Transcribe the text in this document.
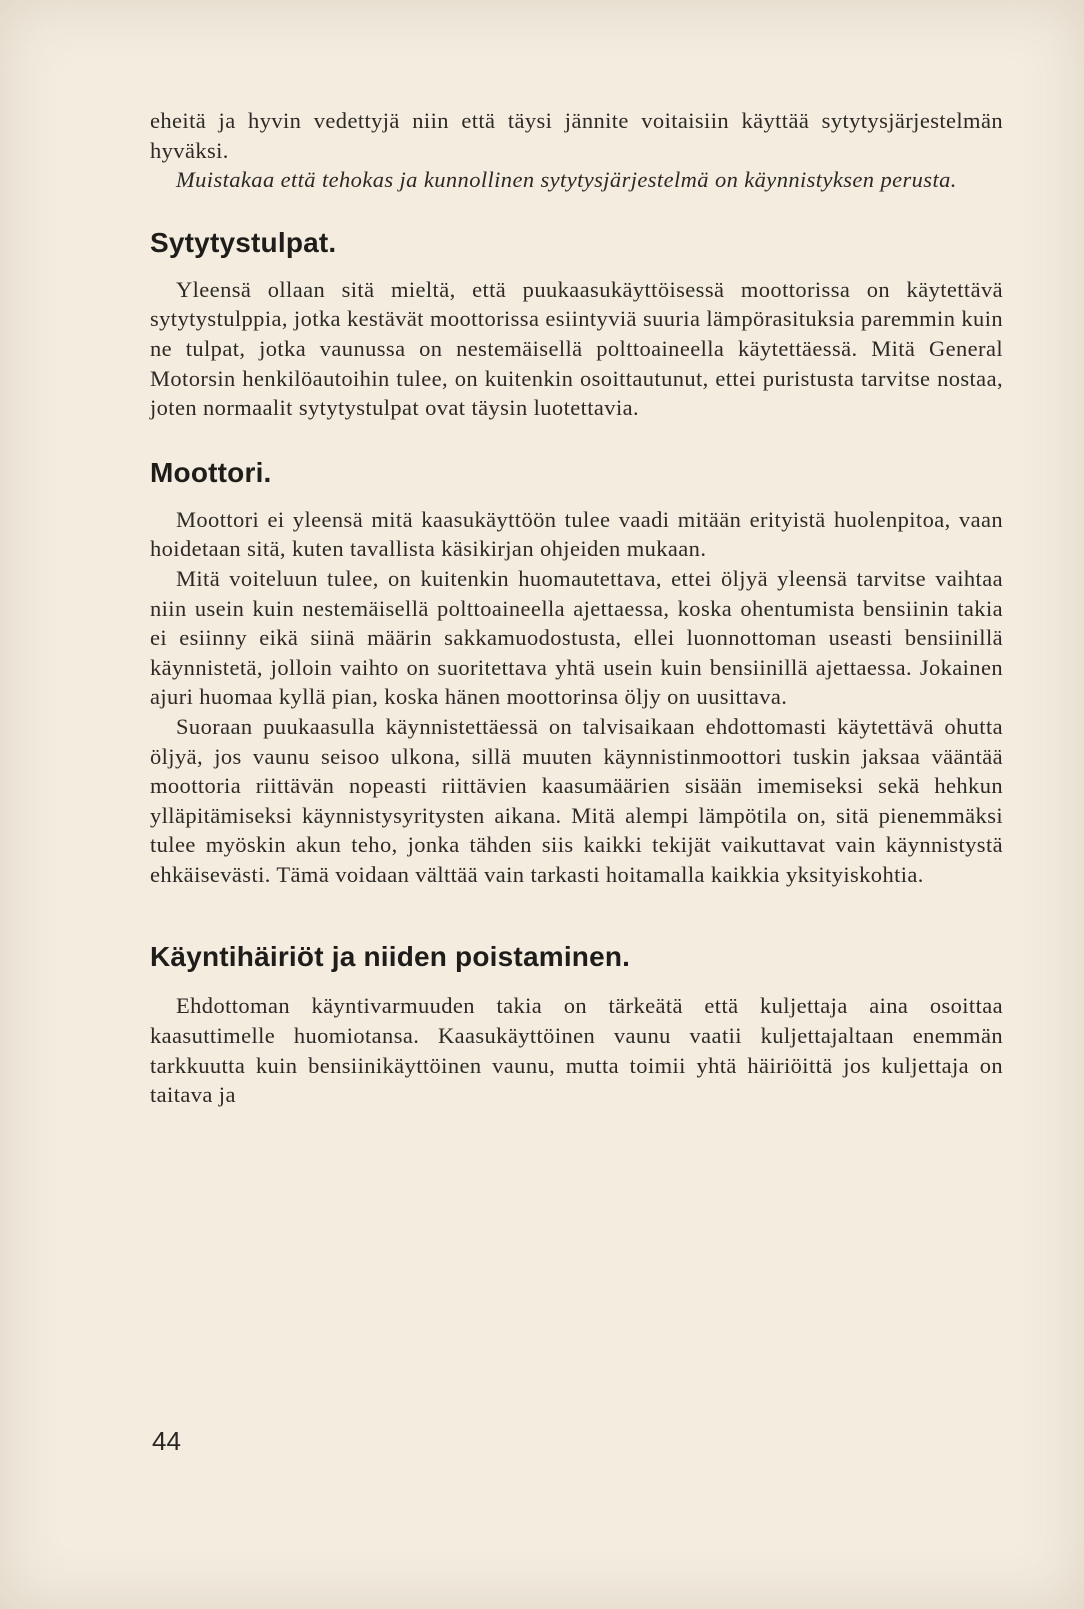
eheitä ja hyvin vedettyjä niin että täysi jännite voitaisiin käyttää sytytysjärjestelmän hyväksi.

Muistakaa että tehokas ja kunnollinen sytytysjärjestelmä on käynnistyksen perusta.

Sytytystulpat.

Yleensä ollaan sitä mieltä, että puukaasukäyttöisessä moottorissa on käytettävä sytytystulppia, jotka kestävät moottorissa esiintyviä suuria lämpörasituksia paremmin kuin ne tulpat, jotka vaunussa on nestemäisellä polttoaineella käytettäessä. Mitä General Motorsin henkilöautoihin tulee, on kuitenkin osoittautunut, ettei puristusta tarvitse nostaa, joten normaalit sytytystulpat ovat täysin luotettavia.

Moottori.

Moottori ei yleensä mitä kaasukäyttöön tulee vaadi mitään erityistä huolenpitoa, vaan hoidetaan sitä, kuten tavallista käsikirjan ohjeiden mukaan.

Mitä voiteluun tulee, on kuitenkin huomautettava, ettei öljyä yleensä tarvitse vaihtaa niin usein kuin nestemäisellä polttoaineella ajettaessa, koska ohentumista bensiinin takia ei esiinny eikä siinä määrin sakkamuodostusta, ellei luonnottoman useasti bensiinillä käynnistetä, jolloin vaihto on suoritettava yhtä usein kuin bensiinillä ajettaessa. Jokainen ajuri huomaa kyllä pian, koska hänen moottorinsa öljy on uusittava.

Suoraan puukaasulla käynnistettäessä on talvisaikaan ehdottomasti käytettävä ohutta öljyä, jos vaunu seisoo ulkona, sillä muuten käynnistinmoottori tuskin jaksaa vääntää moottoria riittävän nopeasti riittävien kaasumäärien sisään imemiseksi sekä hehkun ylläpitämiseksi käynnistysyritysten aikana. Mitä alempi lämpötila on, sitä pienemmäksi tulee myöskin akun teho, jonka tähden siis kaikki tekijät vaikuttavat vain käynnistystä ehkäisevästi. Tämä voidaan välttää vain tarkasti hoitamalla kaikkia yksityiskohtia.

Käyntihäiriöt ja niiden poistaminen.

Ehdottoman käyntivarmuuden takia on tärkeätä että kuljettaja aina osoittaa kaasuttimelle huomiotansa. Kaasukäyttöinen vaunu vaatii kuljettajaltaan enemmän tarkkuutta kuin bensiinikäyttöinen vaunu, mutta toimii yhtä häiriöittä jos kuljettaja on taitava ja

44
